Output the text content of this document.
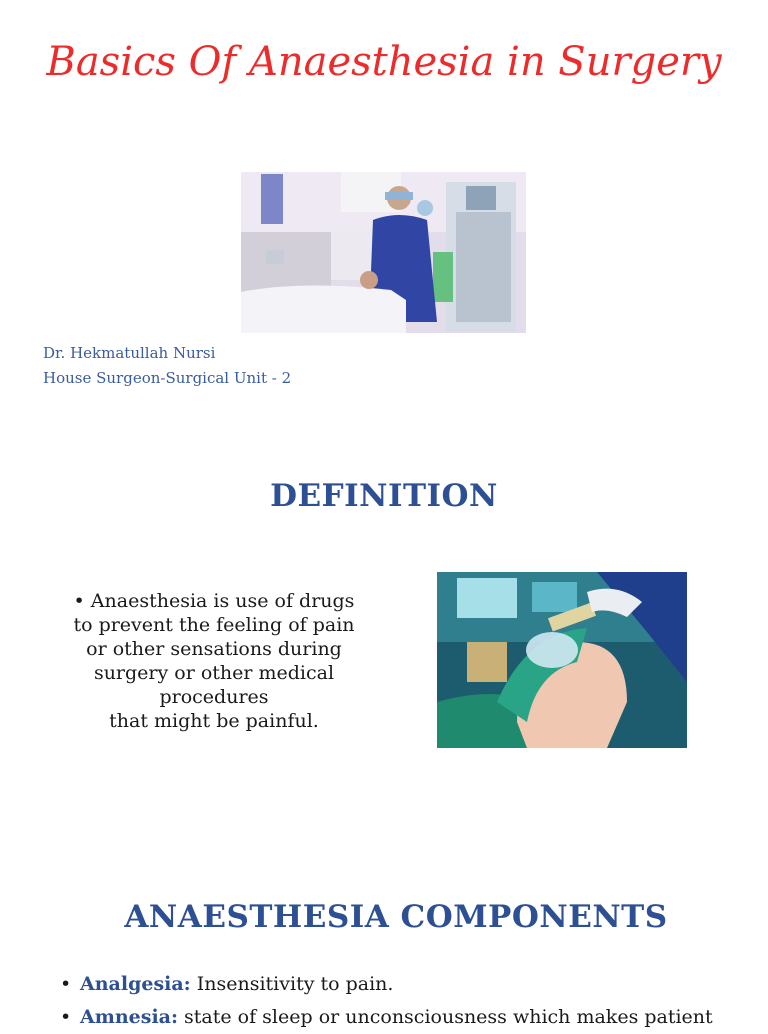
Basics Of Anaesthesia in Surgery
Dr. Hekmatullah Nursi
House Surgeon-Surgical Unit - 2
DEFINITION
• Anaesthesia is use of drugs
to prevent the feeling of pain
or other sensations during
surgery or other medical
procedures
that might be painful.
ANAESTHESIA COMPONENTS
• Analgesia: Insensitivity to pain.
• Amnesia: state of sleep or unconsciousness which makes patient
